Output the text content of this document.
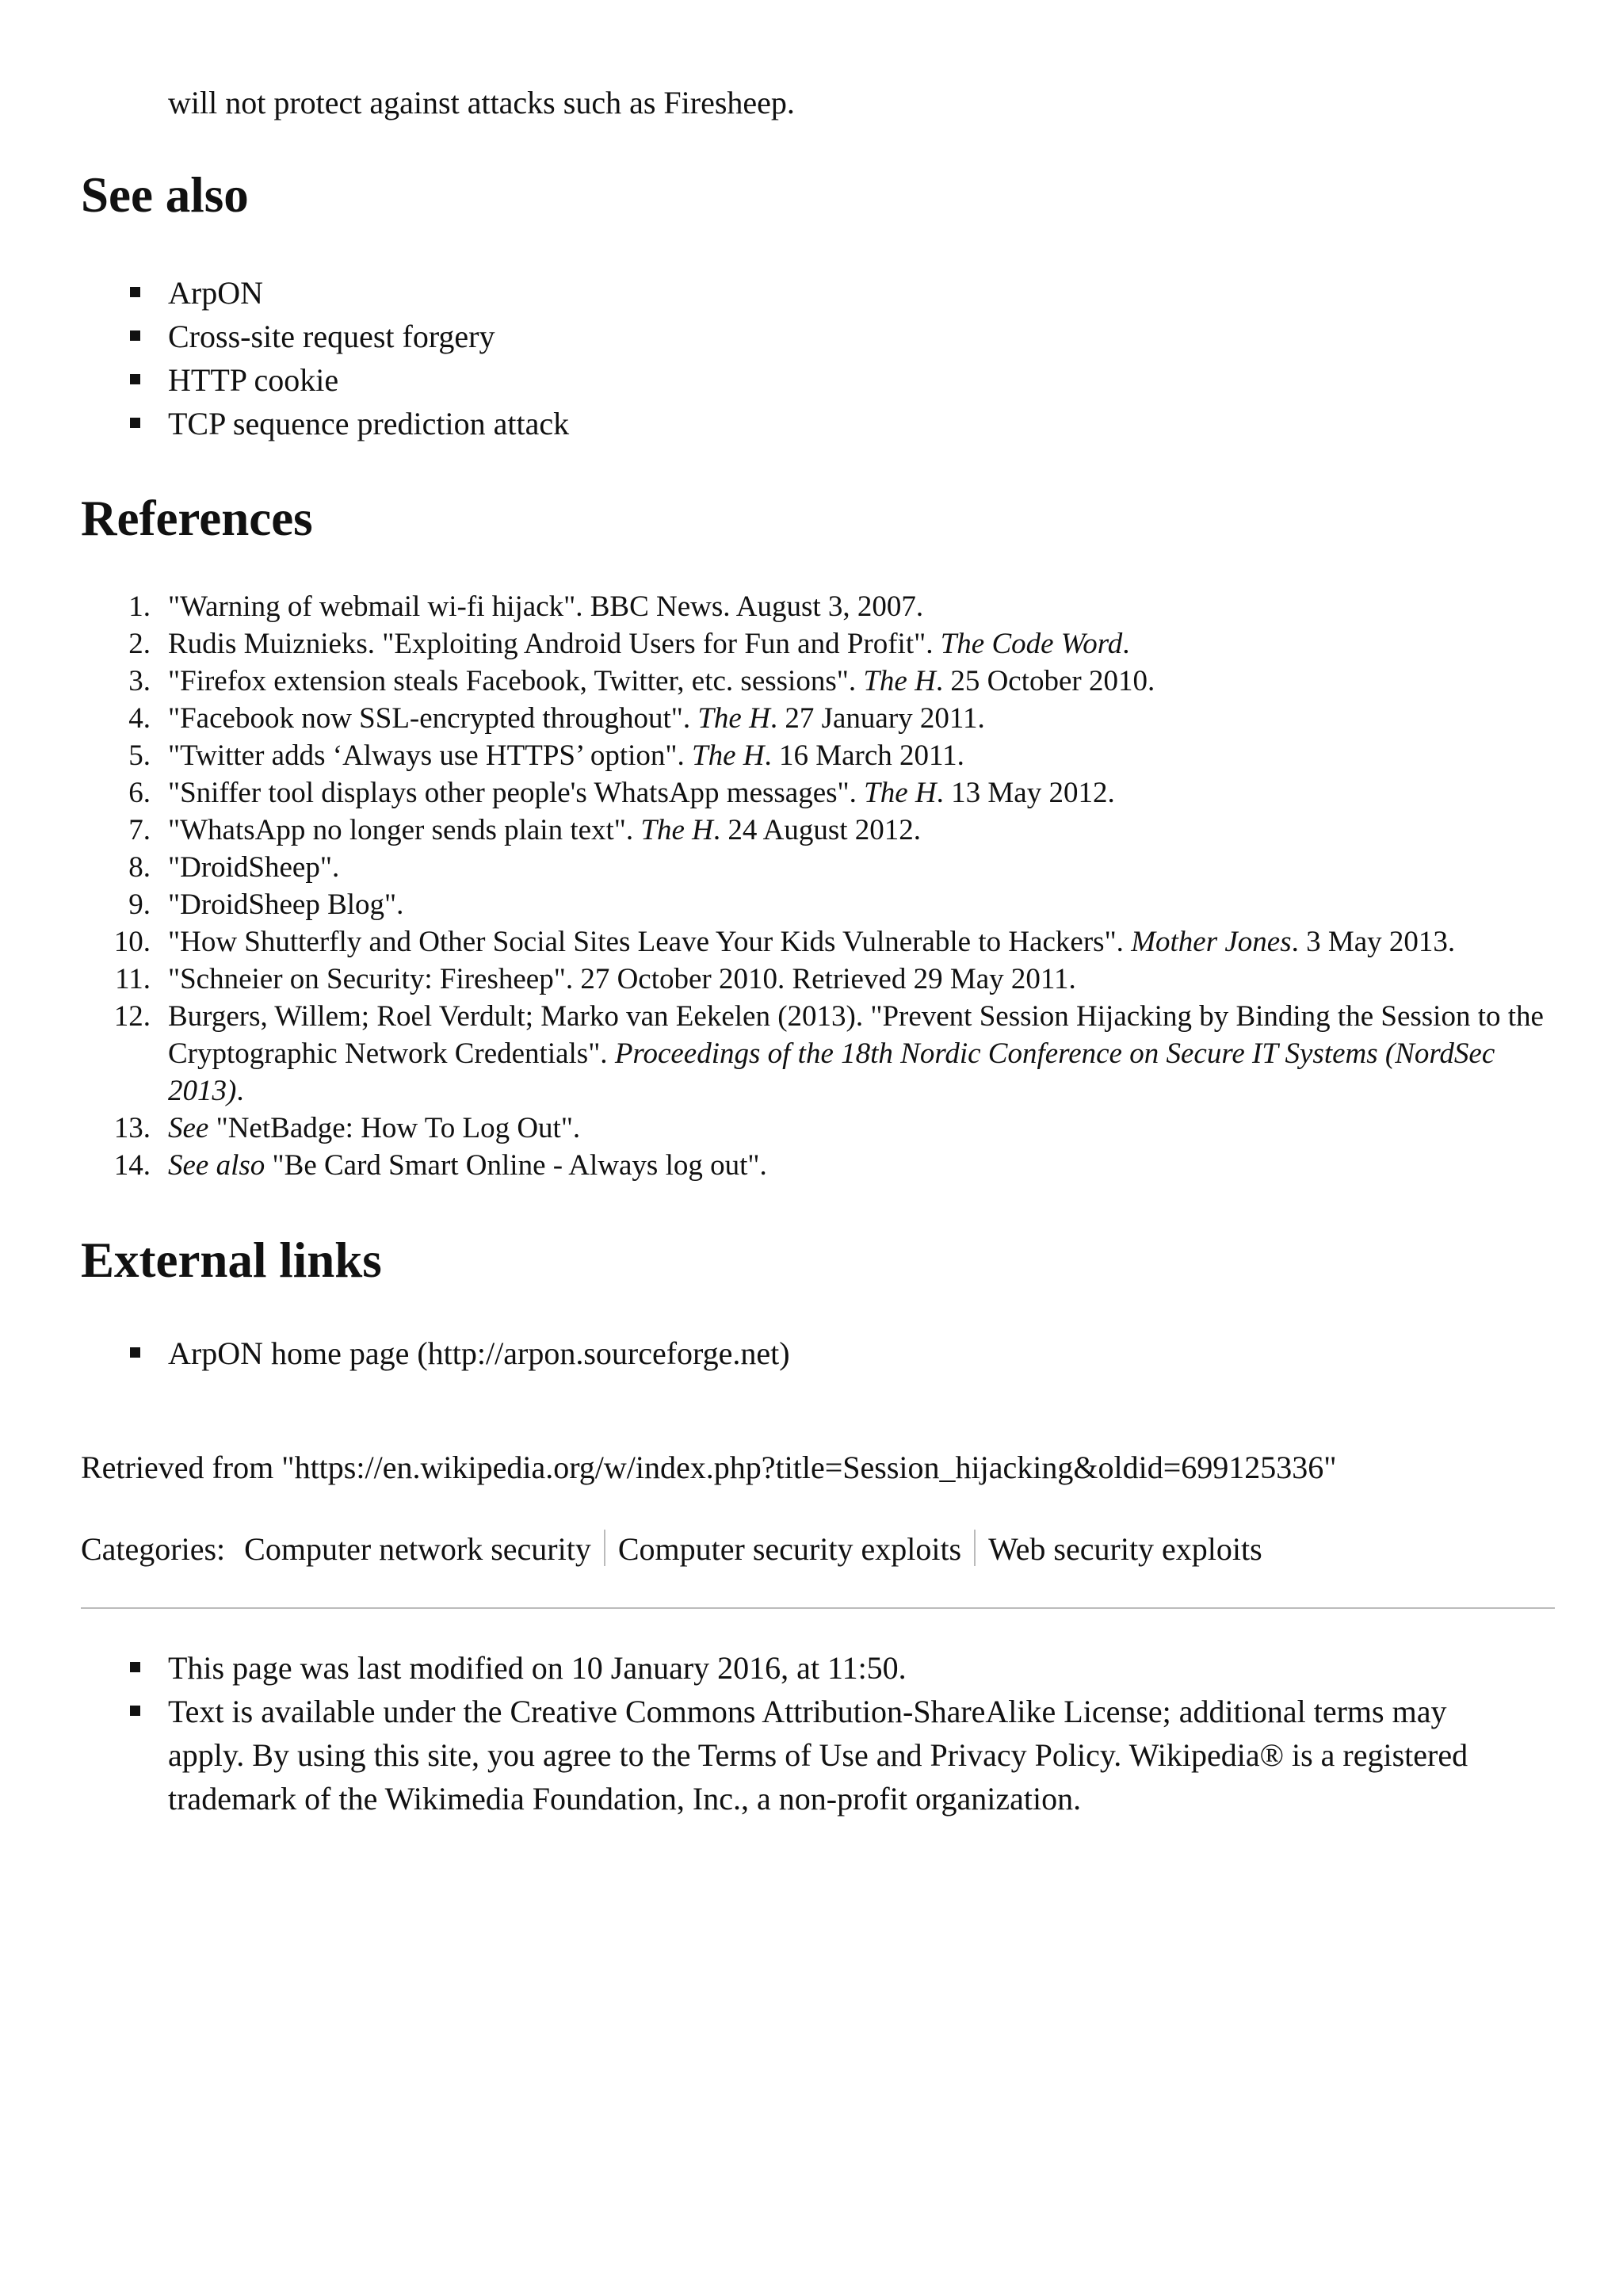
will not protect against attacks such as Firesheep.
See also
ArpON
Cross-site request forgery
HTTP cookie
TCP sequence prediction attack
References
1. "Warning of webmail wi-fi hijack". BBC News. August 3, 2007.
2. Rudis Muiznieks. "Exploiting Android Users for Fun and Profit". The Code Word.
3. "Firefox extension steals Facebook, Twitter, etc. sessions". The H. 25 October 2010.
4. "Facebook now SSL-encrypted throughout". The H. 27 January 2011.
5. "Twitter adds ‘Always use HTTPS’ option". The H. 16 March 2011.
6. "Sniffer tool displays other people's WhatsApp messages". The H. 13 May 2012.
7. "WhatsApp no longer sends plain text". The H. 24 August 2012.
8. "DroidSheep".
9. "DroidSheep Blog".
10. "How Shutterfly and Other Social Sites Leave Your Kids Vulnerable to Hackers". Mother Jones. 3 May 2013.
11. "Schneier on Security: Firesheep". 27 October 2010. Retrieved 29 May 2011.
12. Burgers, Willem; Roel Verdult; Marko van Eekelen (2013). "Prevent Session Hijacking by Binding the Session to the Cryptographic Network Credentials". Proceedings of the 18th Nordic Conference on Secure IT Systems (NordSec 2013).
13. See "NetBadge: How To Log Out".
14. See also "Be Card Smart Online - Always log out".
External links
ArpON home page (http://arpon.sourceforge.net)
Retrieved from "https://en.wikipedia.org/w/index.php?title=Session_hijacking&oldid=699125336"
Categories: Computer network security Computer security exploits Web security exploits
This page was last modified on 10 January 2016, at 11:50.
Text is available under the Creative Commons Attribution-ShareAlike License; additional terms may apply. By using this site, you agree to the Terms of Use and Privacy Policy. Wikipedia® is a registered trademark of the Wikimedia Foundation, Inc., a non-profit organization.
